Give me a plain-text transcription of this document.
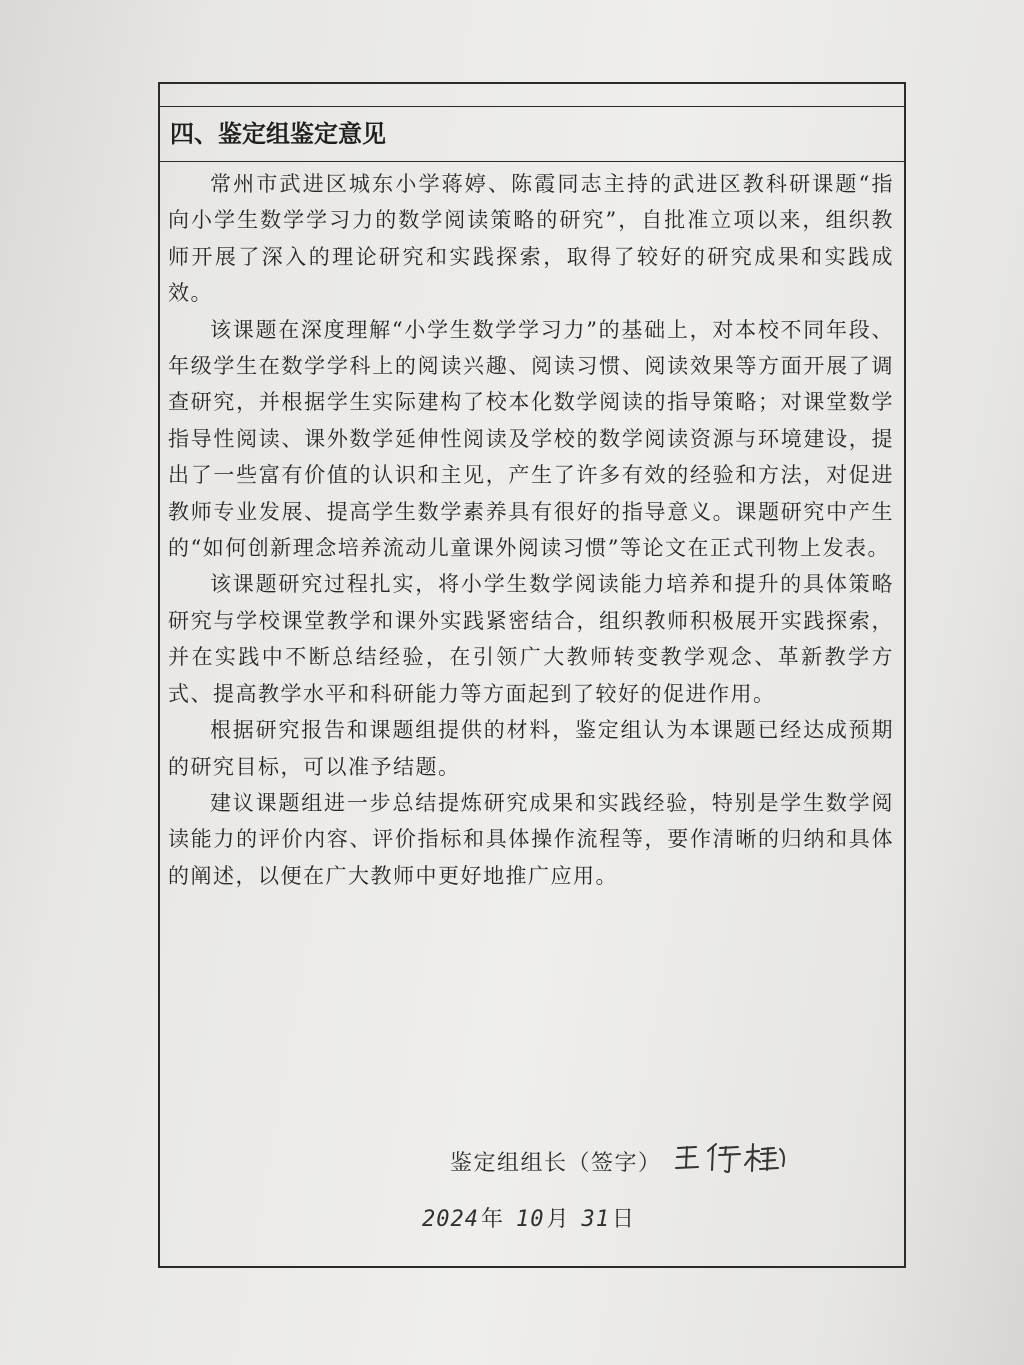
四、鉴定组鉴定意见

常州市武进区城东小学蒋婷、陈霞同志主持的武进区教科研课题“指向小学生数学学习力的数学阅读策略的研究”，自批准立项以来，组织教师开展了深入的理论研究和实践探索，取得了较好的研究成果和实践成效。

该课题在深度理解“小学生数学学习力”的基础上，对本校不同年段、年级学生在数学学科上的阅读兴趣、阅读习惯、阅读效果等方面开展了调查研究，并根据学生实际建构了校本化数学阅读的指导策略；对课堂数学指导性阅读、课外数学延伸性阅读及学校的数学阅读资源与环境建设，提出了一些富有价值的认识和主见，产生了许多有效的经验和方法，对促进教师专业发展、提高学生数学素养具有很好的指导意义。课题研究中产生的“如何创新理念培养流动儿童课外阅读习惯”等论文在正式刊物上发表。

该课题研究过程扎实，将小学生数学阅读能力培养和提升的具体策略研究与学校课堂教学和课外实践紧密结合，组织教师积极展开实践探索，并在实践中不断总结经验，在引领广大教师转变教学观念、革新教学方式、提高教学水平和科研能力等方面起到了较好的促进作用。

根据研究报告和课题组提供的材料，鉴定组认为本课题已经达成预期的研究目标，可以准予结题。

建议课题组进一步总结提炼研究成果和实践经验，特别是学生数学阅读能力的评价内容、评价指标和具体操作流程等，要作清晰的归纳和具体的阐述，以便在广大教师中更好地推广应用。

鉴定组组长（签字）
2024年 10月 31日
